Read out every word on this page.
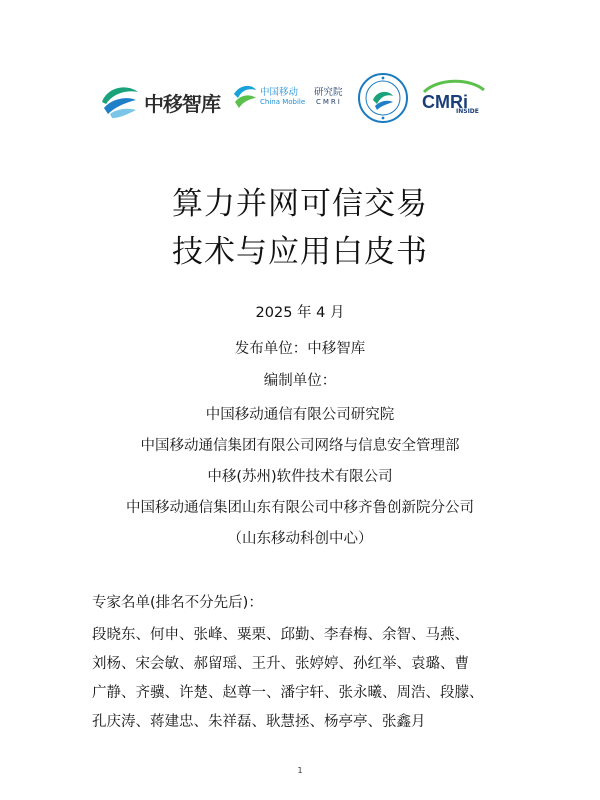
中移智库	中国移动
China Mobile
研究院
CMRI	CMRi
INSIDE
算力并网可信交易
技术与应用白皮书
2025 年 4 月
发布单位：中移智库
编制单位：
中国移动通信有限公司研究院
中国移动通信集团有限公司网络与信息安全管理部
中移(苏州)软件技术有限公司
中国移动通信集团山东有限公司中移齐鲁创新院分公司
（山东移动科创中心）
专家名单(排名不分先后)：
段晓东、何申、张峰、粟栗、邱勤、李春梅、余智、马燕、
刘杨、宋会敏、郝留瑶、王升、张婷婷、孙红举、袁璐、曹
广静、齐骥、许楚、赵尊一、潘宇轩、张永曦、周浩、段朦、
孔庆涛、蒋建忠、朱祥磊、耿慧拯、杨亭亭、张鑫月
1
